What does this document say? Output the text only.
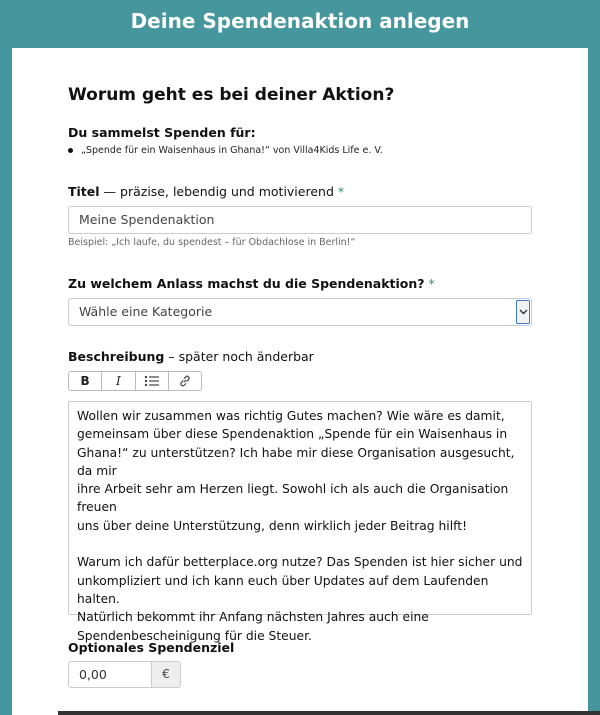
Deine Spendenaktion anlegen
Worum geht es bei deiner Aktion?
Du sammelst Spenden für:
„Spende für ein Waisenhaus in Ghana!“ von Villa4Kids Life e. V.
Titel — präzise, lebendig und motivierend *
Meine Spendenaktion
Beispiel: „Ich laufe, du spendest – für Obdachlose in Berlin!“
Zu welchem Anlass machst du die Spendenaktion? *
Wähle eine Kategorie
Beschreibung – später noch änderbar
B	I
Wollen wir zusammen was richtig Gutes machen? Wie wäre es damit,
gemeinsam über diese Spendenaktion „Spende für ein Waisenhaus in
Ghana!“ zu unterstützen? Ich habe mir diese Organisation ausgesucht, da mir
ihre Arbeit sehr am Herzen liegt. Sowohl ich als auch die Organisation freuen
uns über deine Unterstützung, denn wirklich jeder Beitrag hilft!

Warum ich dafür betterplace.org nutze? Das Spenden ist hier sicher und
unkompliziert und ich kann euch über Updates auf dem Laufenden halten.
Natürlich bekommt ihr Anfang nächsten Jahres auch eine
Spendenbescheinigung für die Steuer.
Optionales Spendenziel
0,00	€
